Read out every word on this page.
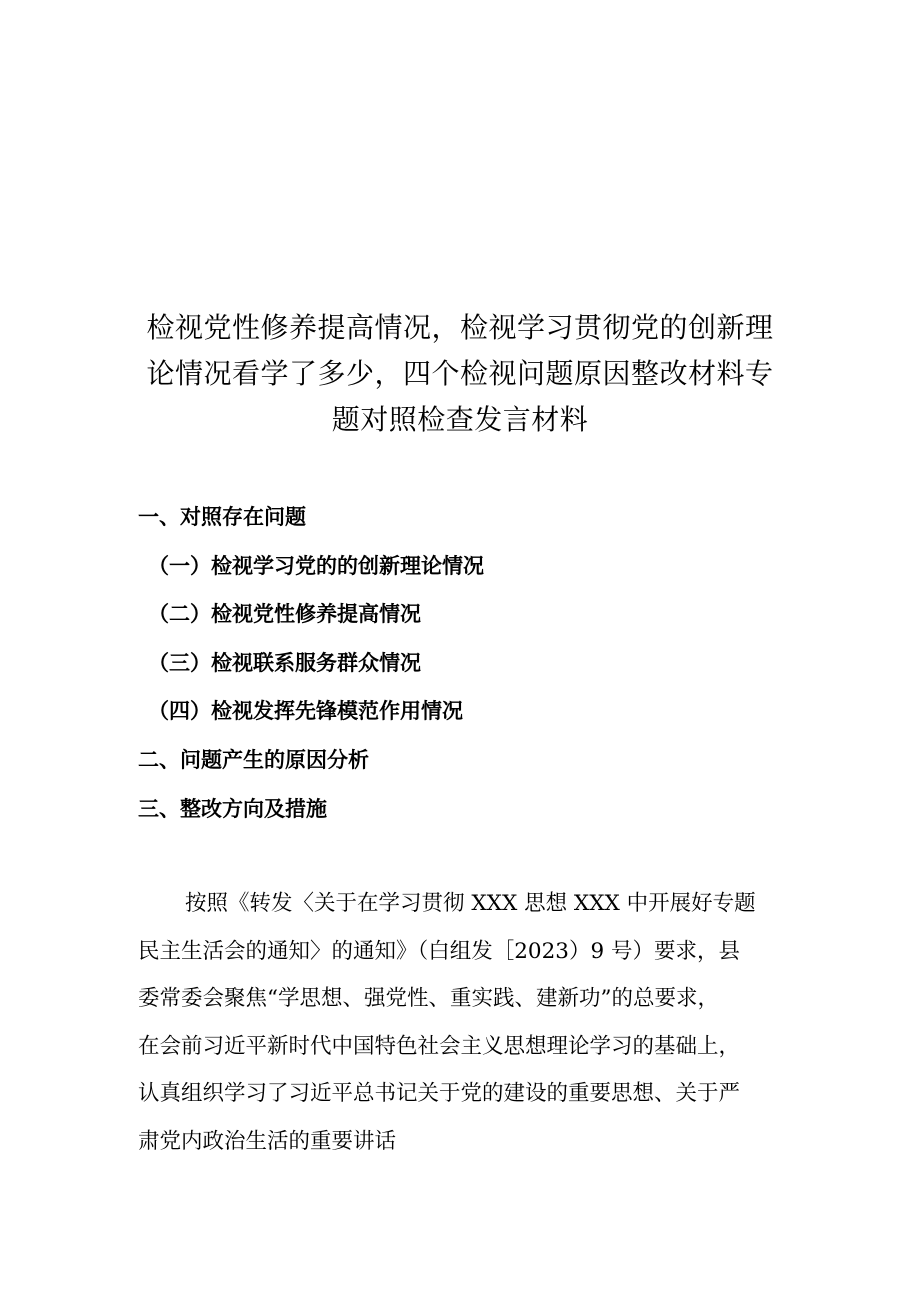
检视党性修养提高情况，检视学习贯彻党的创新理
论情况看学了多少，四个检视问题原因整改材料专
题对照检查发言材料
一、对照存在问题
（一）检视学习党的的创新理论情况
（二）检视党性修养提高情况
（三）检视联系服务群众情况
（四）检视发挥先锋模范作用情况
二、问题产生的原因分析
三、整改方向及措施
按照《转发〈关于在学习贯彻 XXX 思想 XXX 中开展好专题
民主生活会的通知〉的通知》（白组发［2023）9 号）要求，县
委常委会聚焦“学思想、强党性、重实践、建新功”的总要求，
在会前习近平新时代中国特色社会主义思想理论学习的基础上，
认真组织学习了习近平总书记关于党的建设的重要思想、关于严
肃党内政治生活的重要讲话
